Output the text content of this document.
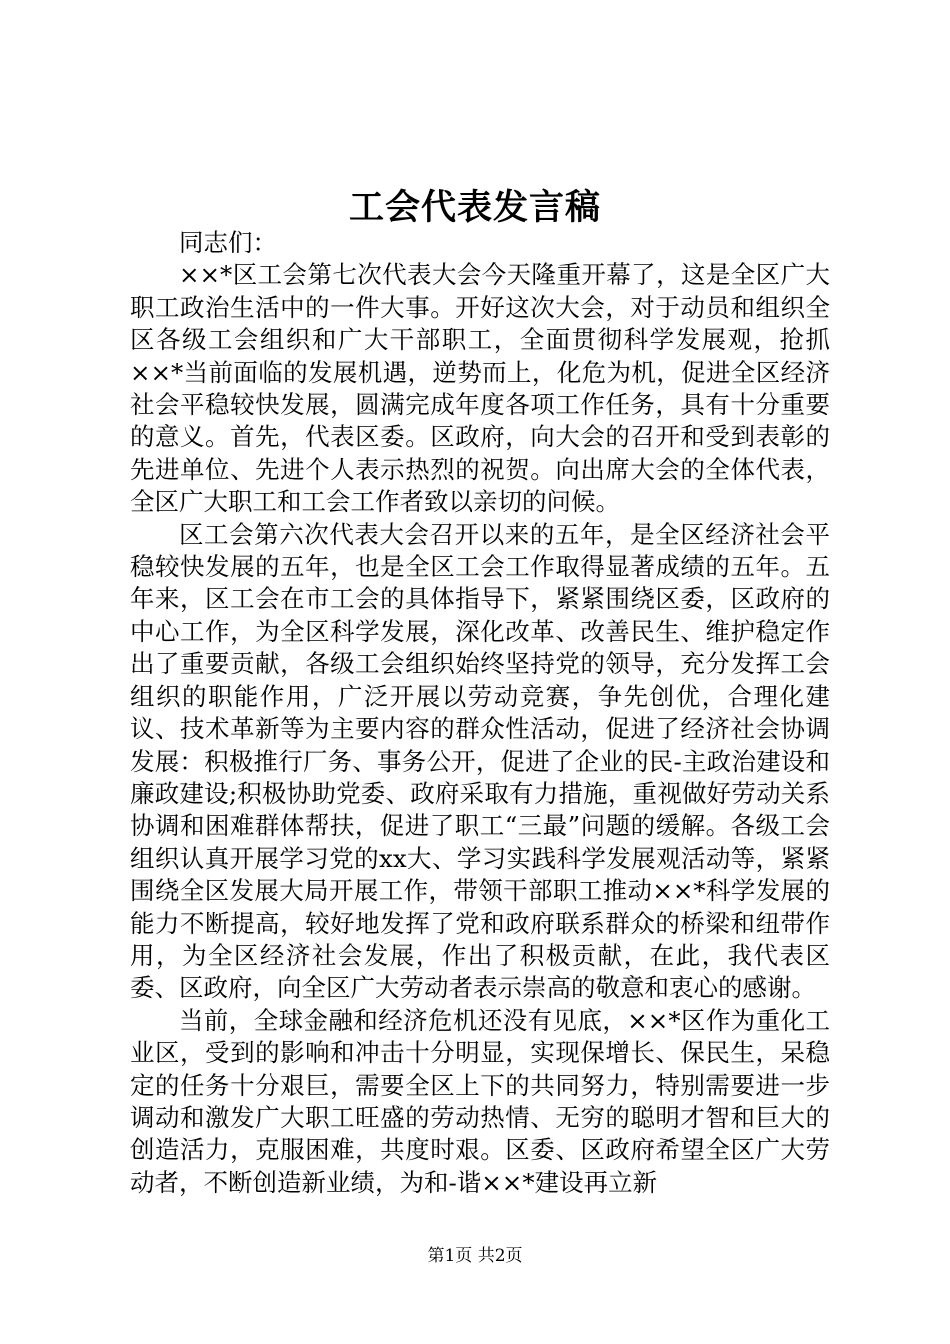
工会代表发言稿
同志们：

××*区工会第七次代表大会今天隆重开幕了，这是全区广大职工政治生活中的一件大事。开好这次大会，对于动员和组织全区各级工会组织和广大干部职工，全面贯彻科学发展观，抢抓××*当前面临的发展机遇，逆势而上，化危为机，促进全区经济社会平稳较快发展，圆满完成年度各项工作任务，具有十分重要的意义。首先，代表区委。区政府，向大会的召开和受到表彰的先进单位、先进个人表示热烈的祝贺。向出席大会的全体代表，全区广大职工和工会工作者致以亲切的问候。

区工会第六次代表大会召开以来的五年，是全区经济社会平稳较快发展的五年，也是全区工会工作取得显著成绩的五年。五年来，区工会在市工会的具体指导下，紧紧围绕区委，区政府的中心工作，为全区科学发展，深化改革、改善民生、维护稳定作出了重要贡献，各级工会组织始终坚持党的领导，充分发挥工会组织的职能作用，广泛开展以劳动竞赛，争先创优，合理化建议、技术革新等为主要内容的群众性活动，促进了经济社会协调发展：积极推行厂务、事务公开，促进了企业的民-主政治建设和廉政建设;积极协助党委、政府采取有力措施，重视做好劳动关系协调和困难群体帮扶，促进了职工“三最”问题的缓解。各级工会组织认真开展学习党的xx大、学习实践科学发展观活动等，紧紧围绕全区发展大局开展工作，带领干部职工推动××*科学发展的能力不断提高，较好地发挥了党和政府联系群众的桥梁和纽带作用，为全区经济社会发展，作出了积极贡献，在此，我代表区委、区政府，向全区广大劳动者表示崇高的敬意和衷心的感谢。

当前，全球金融和经济危机还没有见底，××*区作为重化工业区，受到的影响和冲击十分明显，实现保增长、保民生，呆稳定的任务十分艰巨，需要全区上下的共同努力，特别需要进一步调动和激发广大职工旺盛的劳动热情、无穷的聪明才智和巨大的创造活力，克服困难，共度时艰。区委、区政府希望全区广大劳动者，不断创造新业绩，为和-谐××*建设再立新

第1页 共2页
